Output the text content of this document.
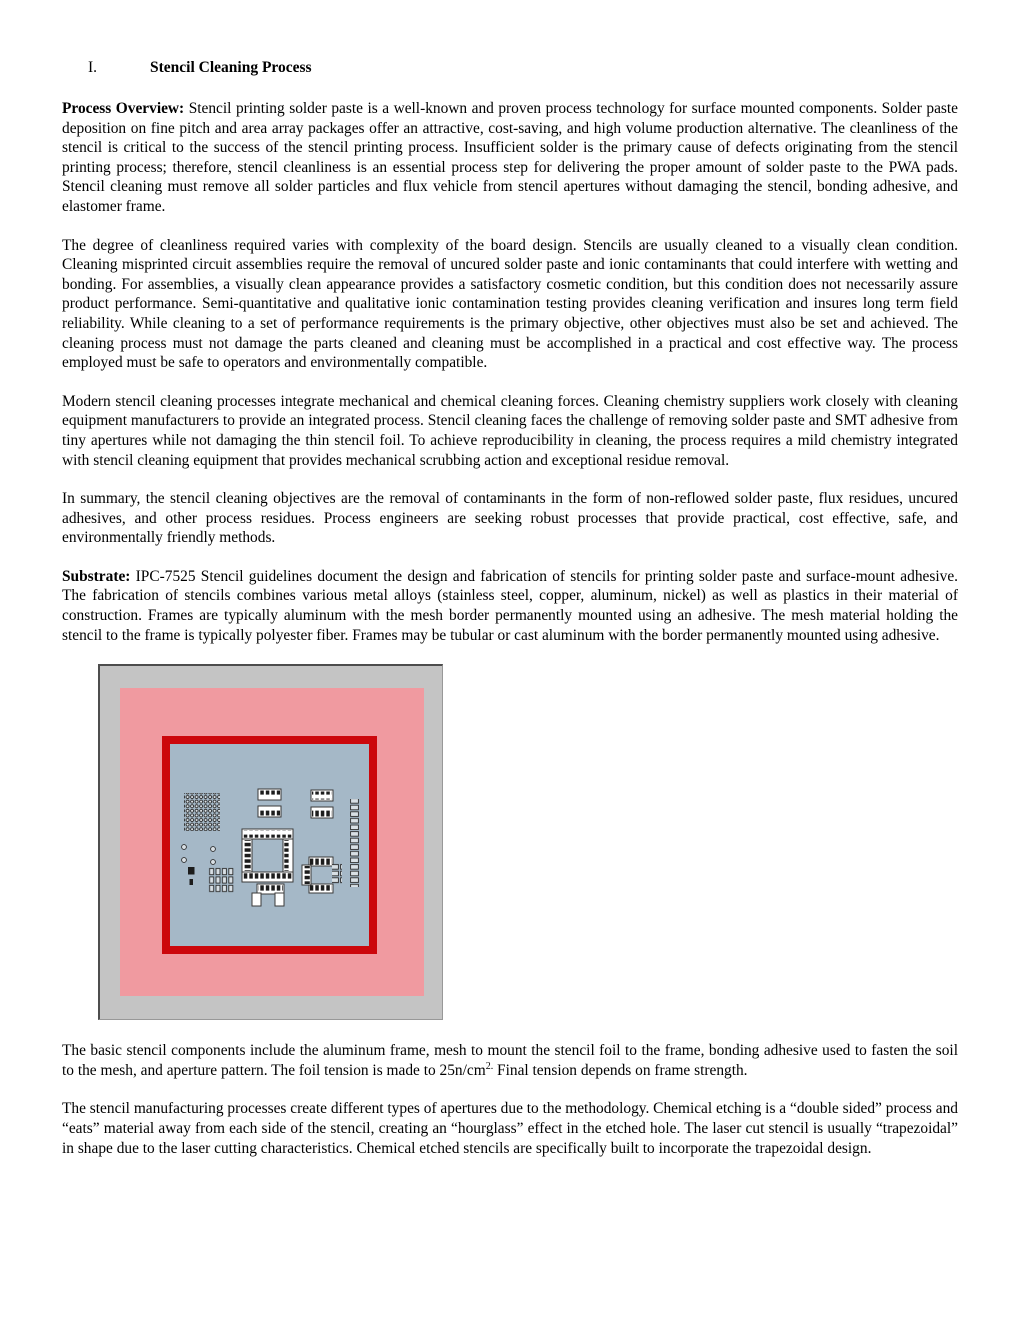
I.	Stencil Cleaning Process

Process Overview: Stencil printing solder paste is a well-known and proven process technology for surface mounted components. Solder paste deposition on fine pitch and area array packages offer an attractive, cost-saving, and high volume production alternative. The cleanliness of the stencil is critical to the success of the stencil printing process. Insufficient solder is the primary cause of defects originating from the stencil printing process; therefore, stencil cleanliness is an essential process step for delivering the proper amount of solder paste to the PWA pads. Stencil cleaning must remove all solder particles and flux vehicle from stencil apertures without damaging the stencil, bonding adhesive, and elastomer frame.

The degree of cleanliness required varies with complexity of the board design. Stencils are usually cleaned to a visually clean condition. Cleaning misprinted circuit assemblies require the removal of uncured solder paste and ionic contaminants that could interfere with wetting and bonding. For assemblies, a visually clean appearance provides a satisfactory cosmetic condition, but this condition does not necessarily assure product performance. Semi-quantitative and qualitative ionic contamination testing provides cleaning verification and insures long term field reliability. While cleaning to a set of performance requirements is the primary objective, other objectives must also be set and achieved. The cleaning process must not damage the parts cleaned and cleaning must be accomplished in a practical and cost effective way. The process employed must be safe to operators and environmentally compatible.

Modern stencil cleaning processes integrate mechanical and chemical cleaning forces. Cleaning chemistry suppliers work closely with cleaning equipment manufacturers to provide an integrated process. Stencil cleaning faces the challenge of removing solder paste and SMT adhesive from tiny apertures while not damaging the thin stencil foil. To achieve reproducibility in cleaning, the process requires a mild chemistry integrated with stencil cleaning equipment that provides mechanical scrubbing action and exceptional residue removal.

In summary, the stencil cleaning objectives are the removal of contaminants in the form of non-reflowed solder paste, flux residues, uncured adhesives, and other process residues. Process engineers are seeking robust processes that provide practical, cost effective, safe, and environmentally friendly methods.

Substrate: IPC-7525 Stencil guidelines document the design and fabrication of stencils for printing solder paste and surface-mount adhesive. The fabrication of stencils combines various metal alloys (stainless steel, copper, aluminum, nickel) as well as plastics in their material of construction. Frames are typically aluminum with the mesh border permanently mounted using an adhesive. The mesh material holding the stencil to the frame is typically polyester fiber. Frames may be tubular or cast aluminum with the border permanently mounted using adhesive.

The basic stencil components include the aluminum frame, mesh to mount the stencil foil to the frame, bonding adhesive used to fasten the soil to the mesh, and aperture pattern. The foil tension is made to $25n/cm^{2.}$ Final tension depends on frame strength.

The stencil manufacturing processes create different types of apertures due to the methodology. Chemical etching is a “double sided” process and “eats” material away from each side of the stencil, creating an “hourglass” effect in the etched hole. The laser cut stencil is usually “trapezoidal” in shape due to the laser cutting characteristics. Chemical etched stencils are specifically built to incorporate the trapezoidal design.
